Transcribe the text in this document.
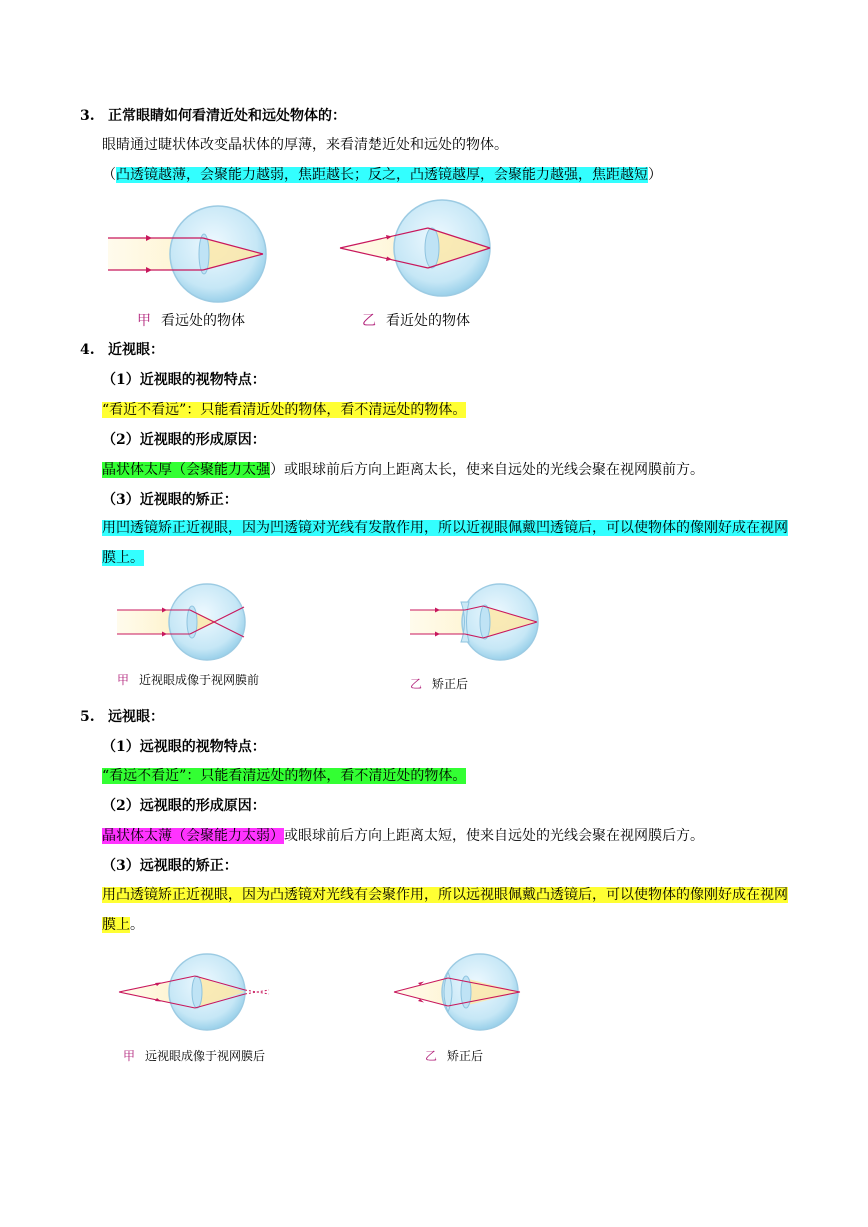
3. 正常眼睛如何看清近处和远处物体的：
眼睛通过睫状体改变晶状体的厚薄，来看清楚近处和远处的物体。
（凸透镜越薄，会聚能力越弱，焦距越长；反之，凸透镜越厚，会聚能力越强，焦距越短）
甲 看远处的物体	乙 看近处的物体
4. 近视眼：
（1）近视眼的视物特点：
“看近不看远”：只能看清近处的物体，看不清远处的物体。
（2）近视眼的形成原因：
晶状体太厚（会聚能力太强）或眼球前后方向上距离太长，使来自远处的光线会聚在视网膜前方。
（3）近视眼的矫正：
用凹透镜矫正近视眼，因为凹透镜对光线有发散作用，所以近视眼佩戴凹透镜后，可以使物体的像刚好成在视网膜上。
甲 近视眼成像于视网膜前	乙 矫正后
5. 远视眼：
（1）远视眼的视物特点：
“看远不看近”：只能看清远处的物体，看不清近处的物体。
（2）远视眼的形成原因：
晶状体太薄（会聚能力太弱）或眼球前后方向上距离太短，使来自远处的光线会聚在视网膜后方。
（3）远视眼的矫正：
用凸透镜矫正近视眼，因为凸透镜对光线有会聚作用，所以远视眼佩戴凸透镜后，可以使物体的像刚好成在视网膜上。
甲 远视眼成像于视网膜后	乙 矫正后
